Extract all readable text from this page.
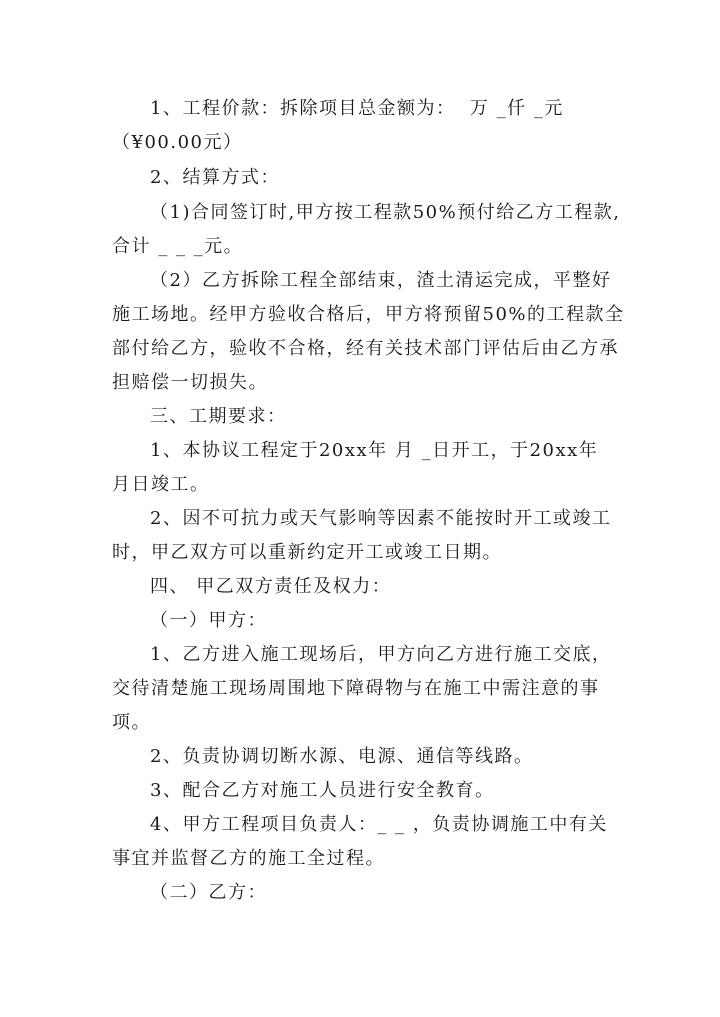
1、工程价款：拆除项目总金额为：  万 _仟 _元
（¥00.00元）
2、结算方式：
（1)合同签订时,甲方按工程款50%预付给乙方工程款,
合计 _ _ _元。
（2）乙方拆除工程全部结束，渣土清运完成，平整好
施工场地。经甲方验收合格后，甲方将预留50%的工程款全
部付给乙方，验收不合格，经有关技术部门评估后由乙方承
担赔偿一切损失。
三、工期要求：
1、本协议工程定于20xx年 月 _日开工，于20xx年
月日竣工。
2、因不可抗力或天气影响等因素不能按时开工或竣工
时，甲乙双方可以重新约定开工或竣工日期。
四、 甲乙双方责任及权力：
（一）甲方：
1、乙方进入施工现场后，甲方向乙方进行施工交底，
交待清楚施工现场周围地下障碍物与在施工中需注意的事
项。
2、负责协调切断水源、电源、通信等线路。
3、配合乙方对施工人员进行安全教育。
4、甲方工程项目负责人：_ _ ，负责协调施工中有关
事宜并监督乙方的施工全过程。
（二）乙方：
